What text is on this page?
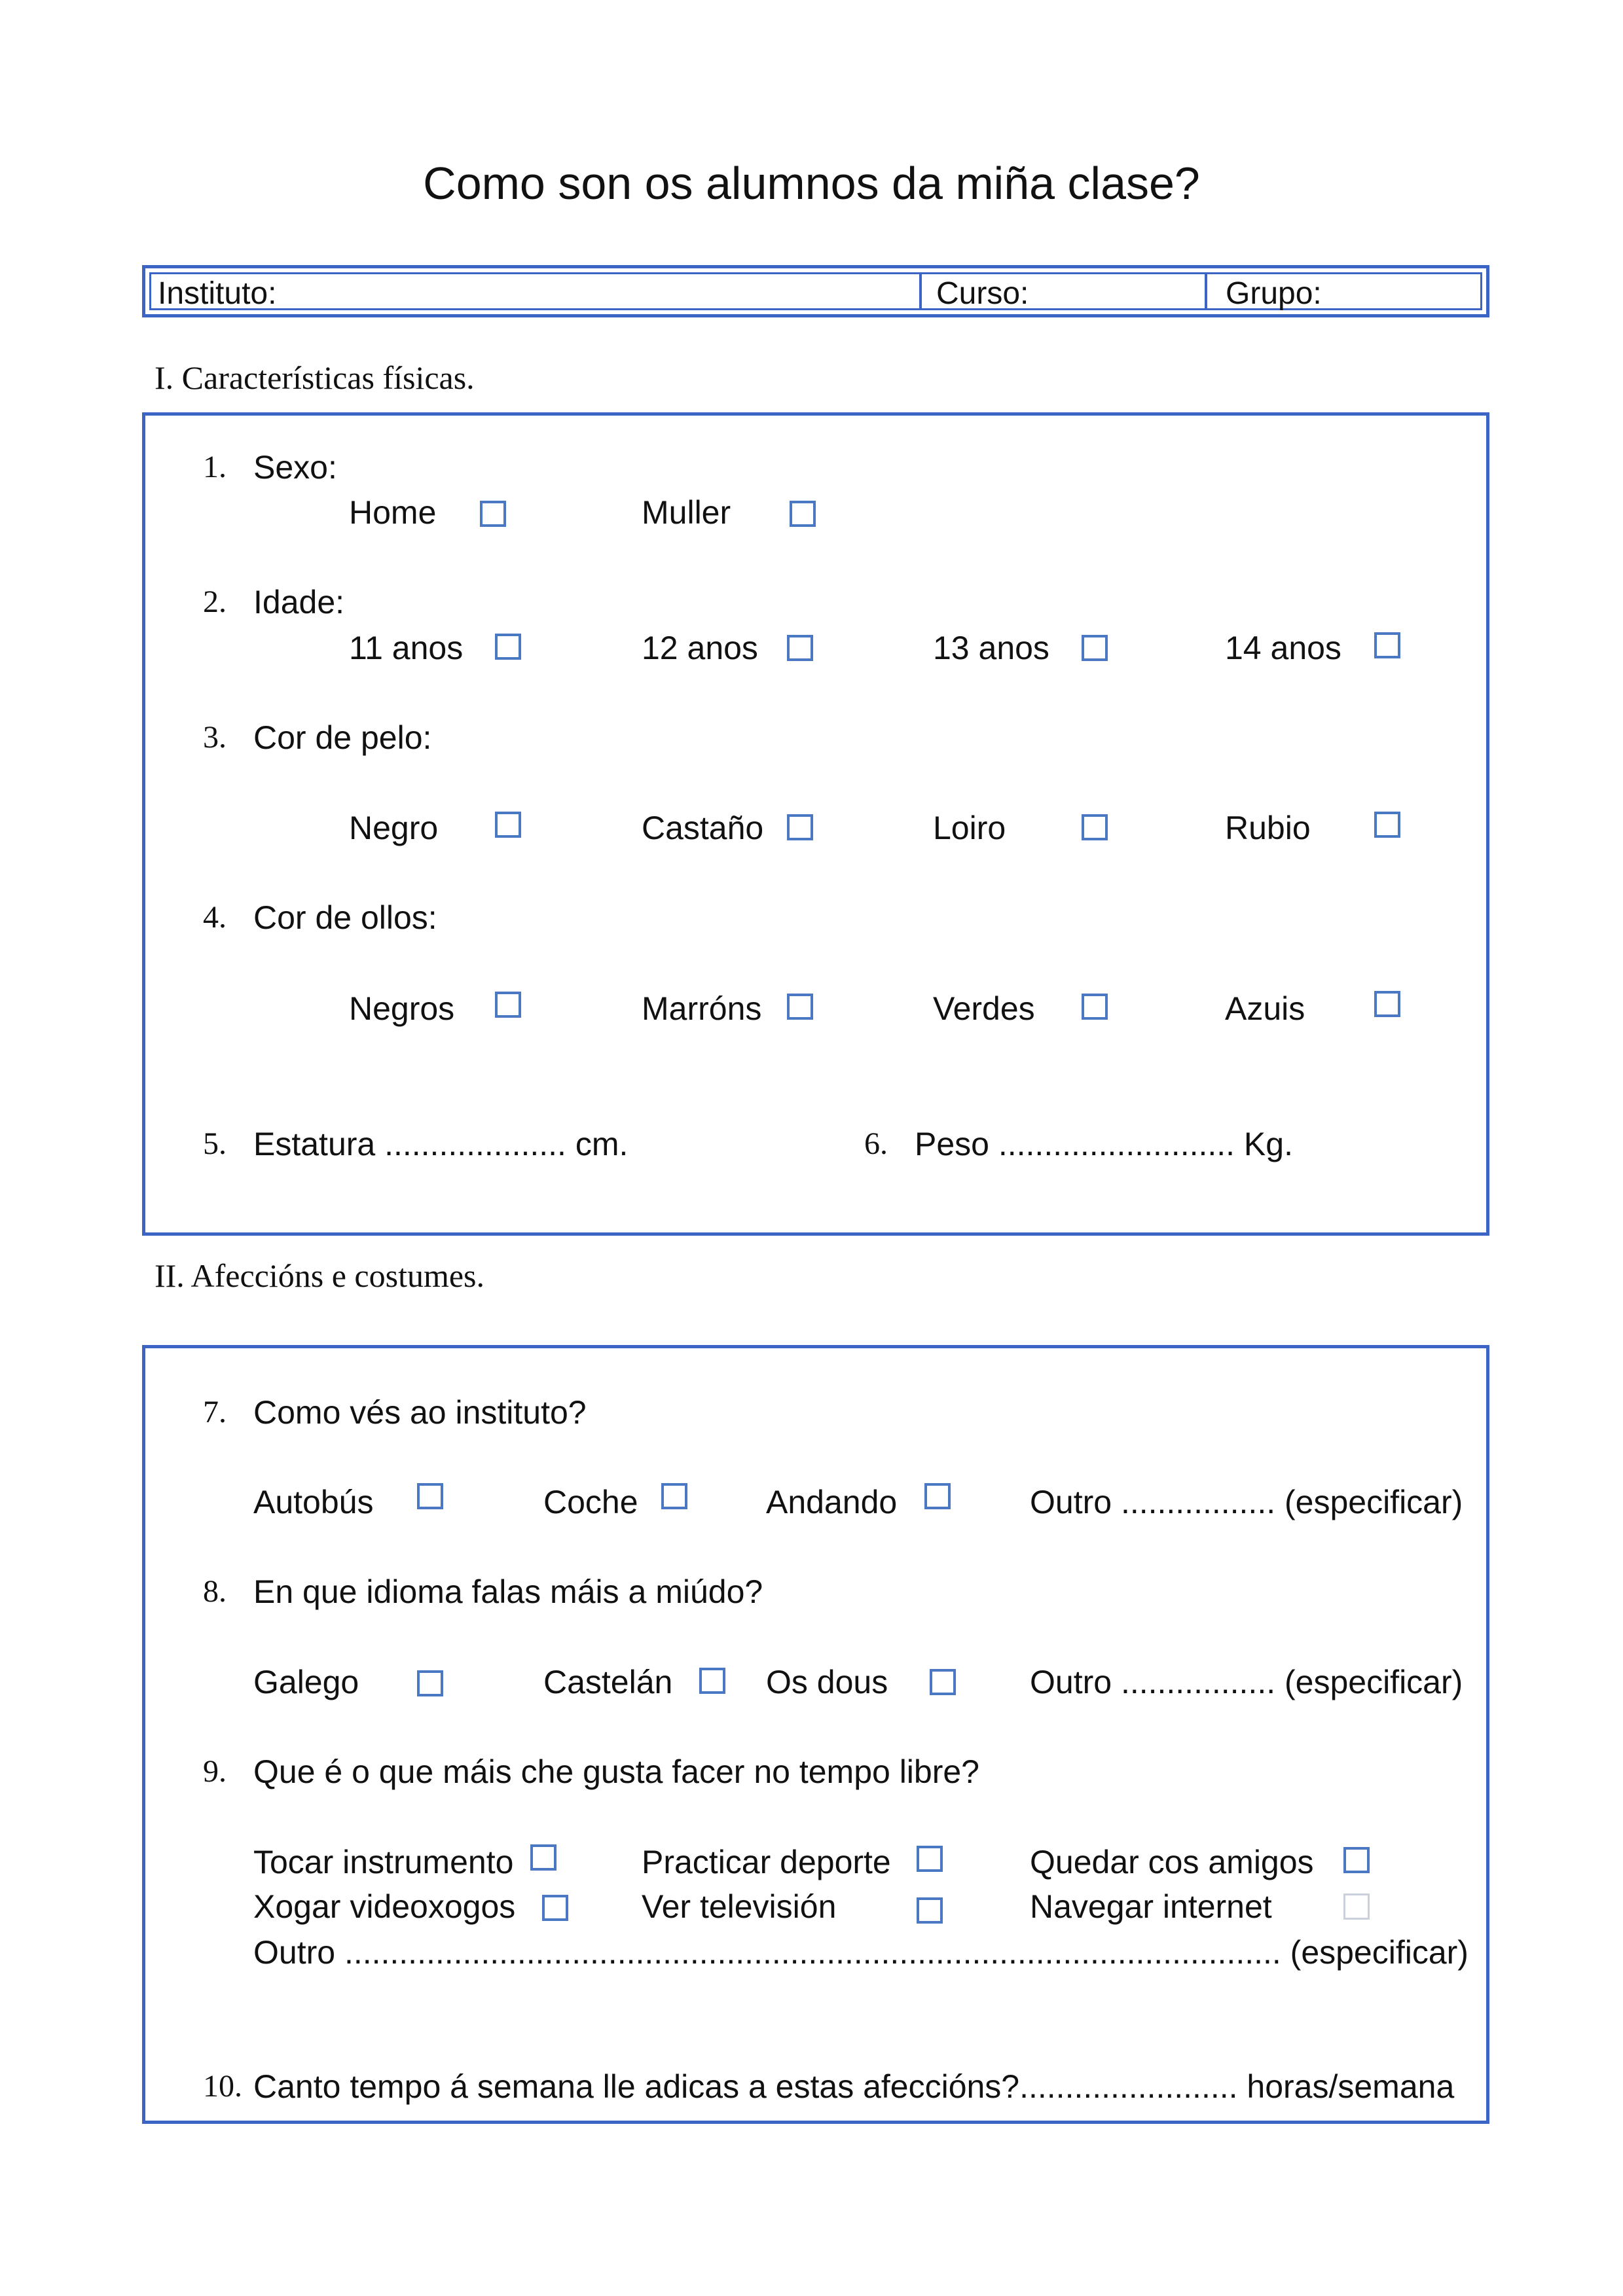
Como son os alumnos da miña clase?
Instituto:	Curso:	Grupo:
I. Características físicas.
1. Sexo:
Home	Muller
2. Idade:
11 anos	12 anos	13 anos	14 anos
3. Cor de pelo:
Negro	Castaño	Loiro	Rubio
4. Cor de ollos:
Negros	Marróns	Verdes	Azuis
5. Estatura .................... cm.	6. Peso .......................... Kg.
II. Afeccións e costumes.
7. Como vés ao instituto?
Autobús	Coche	Andando	Outro ................. (especificar)
8. En que idioma falas máis a miúdo?
Galego	Castelán	Os dous	Outro ................. (especificar)
9. Que é o que máis che gusta facer no tempo libre?
Tocar instrumento	Practicar deporte	Quedar cos amigos
Xogar videoxogos	Ver televisión	Navegar internet
Outro ....................................................................................................... (especificar)
10. Canto tempo á semana lle adicas a estas afeccións?........................ horas/semana
